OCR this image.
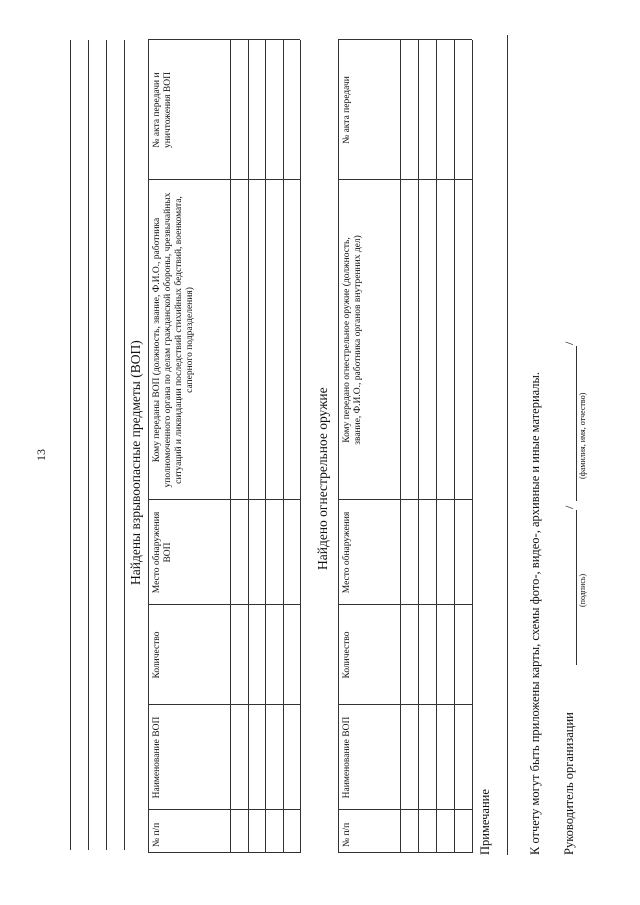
13	Найдены взрывоопасные предметы (ВОП)
№ п/п
Наименование ВОП
Количество
Место обнаружения ВОП
Кому переданы ВОП (должность, звание, Ф.И.О., работника уполномоченного органа по делам гражданской обороны, чрезвычайных ситуаций и ликвидации последствий стихийных бедствий, военкомата, саперного подразделения)
№ акта передачи и уничтожения ВОП
Найдено огнестрельное оружие
№ п/п
Наименование ВОП
Количество
Место обнаружения
Кому передано огнестрельное оружие (должность, звание, Ф.И.О., работника органов внутренних дел)
№ акта передачи
Примечание	К отчету могут быть приложены карты, схемы фото-, видео-, архивные и иные материалы. Руководитель организации
/
/
(подпись)
(фамилия, имя, отчество)
